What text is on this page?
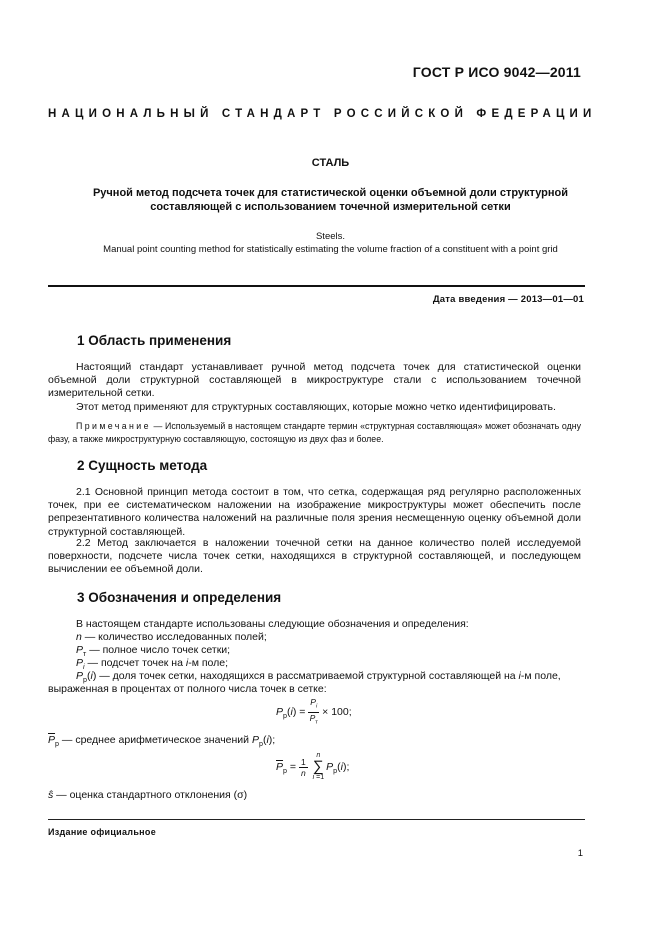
ГОСТ Р ИСО 9042—2011
НАЦИОНАЛЬНЫЙ СТАНДАРТ РОССИЙСКОЙ ФЕДЕРАЦИИ
СТАЛЬ
Ручной метод подсчета точек для статистической оценки объемной доли структурной
составляющей с использованием точечной измерительной сетки
Steels.
Manual point counting method for statistically estimating the volume fraction of a constituent with a point grid
Дата введения — 2013—01—01
1 Область применения
Настоящий стандарт устанавливает ручной метод подсчета точек для статистической оценки объемной доли структурной составляющей в микроструктуре стали с использованием точечной измерительной сетки.
Этот метод применяют для структурных составляющих, которые можно четко идентифицировать.
Примечание — Используемый в настоящем стандарте термин «структурная составляющая» может обозначать одну фазу, а также микроструктурную составляющую, состоящую из двух фаз и более.
2 Сущность метода
2.1 Основной принцип метода состоит в том, что сетка, содержащая ряд регулярно расположенных точек, при ее систематическом наложении на изображение микроструктуры может обеспечить после репрезентативного количества наложений на различные поля зрения несмещенную оценку объемной доли структурной составляющей.
2.2 Метод заключается в наложении точечной сетки на данное количество полей исследуемой поверхности, подсчете числа точек сетки, находящихся в структурной составляющей, и последующем вычислении ее объемной доли.
3 Обозначения и определения
В настоящем стандарте использованы следующие обозначения и определения:
n — количество исследованных полей;
$P_т$ — полное число точек сетки;
$P_i$ — подсчет точек на i-м поле;
$P_р(i)$ — доля точек сетки, находящихся в рассматриваемой структурной составляющей на i-м поле,
выраженная в процентах от полного числа точек в сетке:
$P_р(i) = \frac{P_i}{P_т} \times 100$;
$\overline{P}_р$ — среднее арифметическое значений $P_р(i)$;
$\overline{P}_р = \frac{1}{n}$

n
∑
i =1
$P_р(i)$;
ŝ — оценка стандартного отклонения (σ)
Издание официальное
1
